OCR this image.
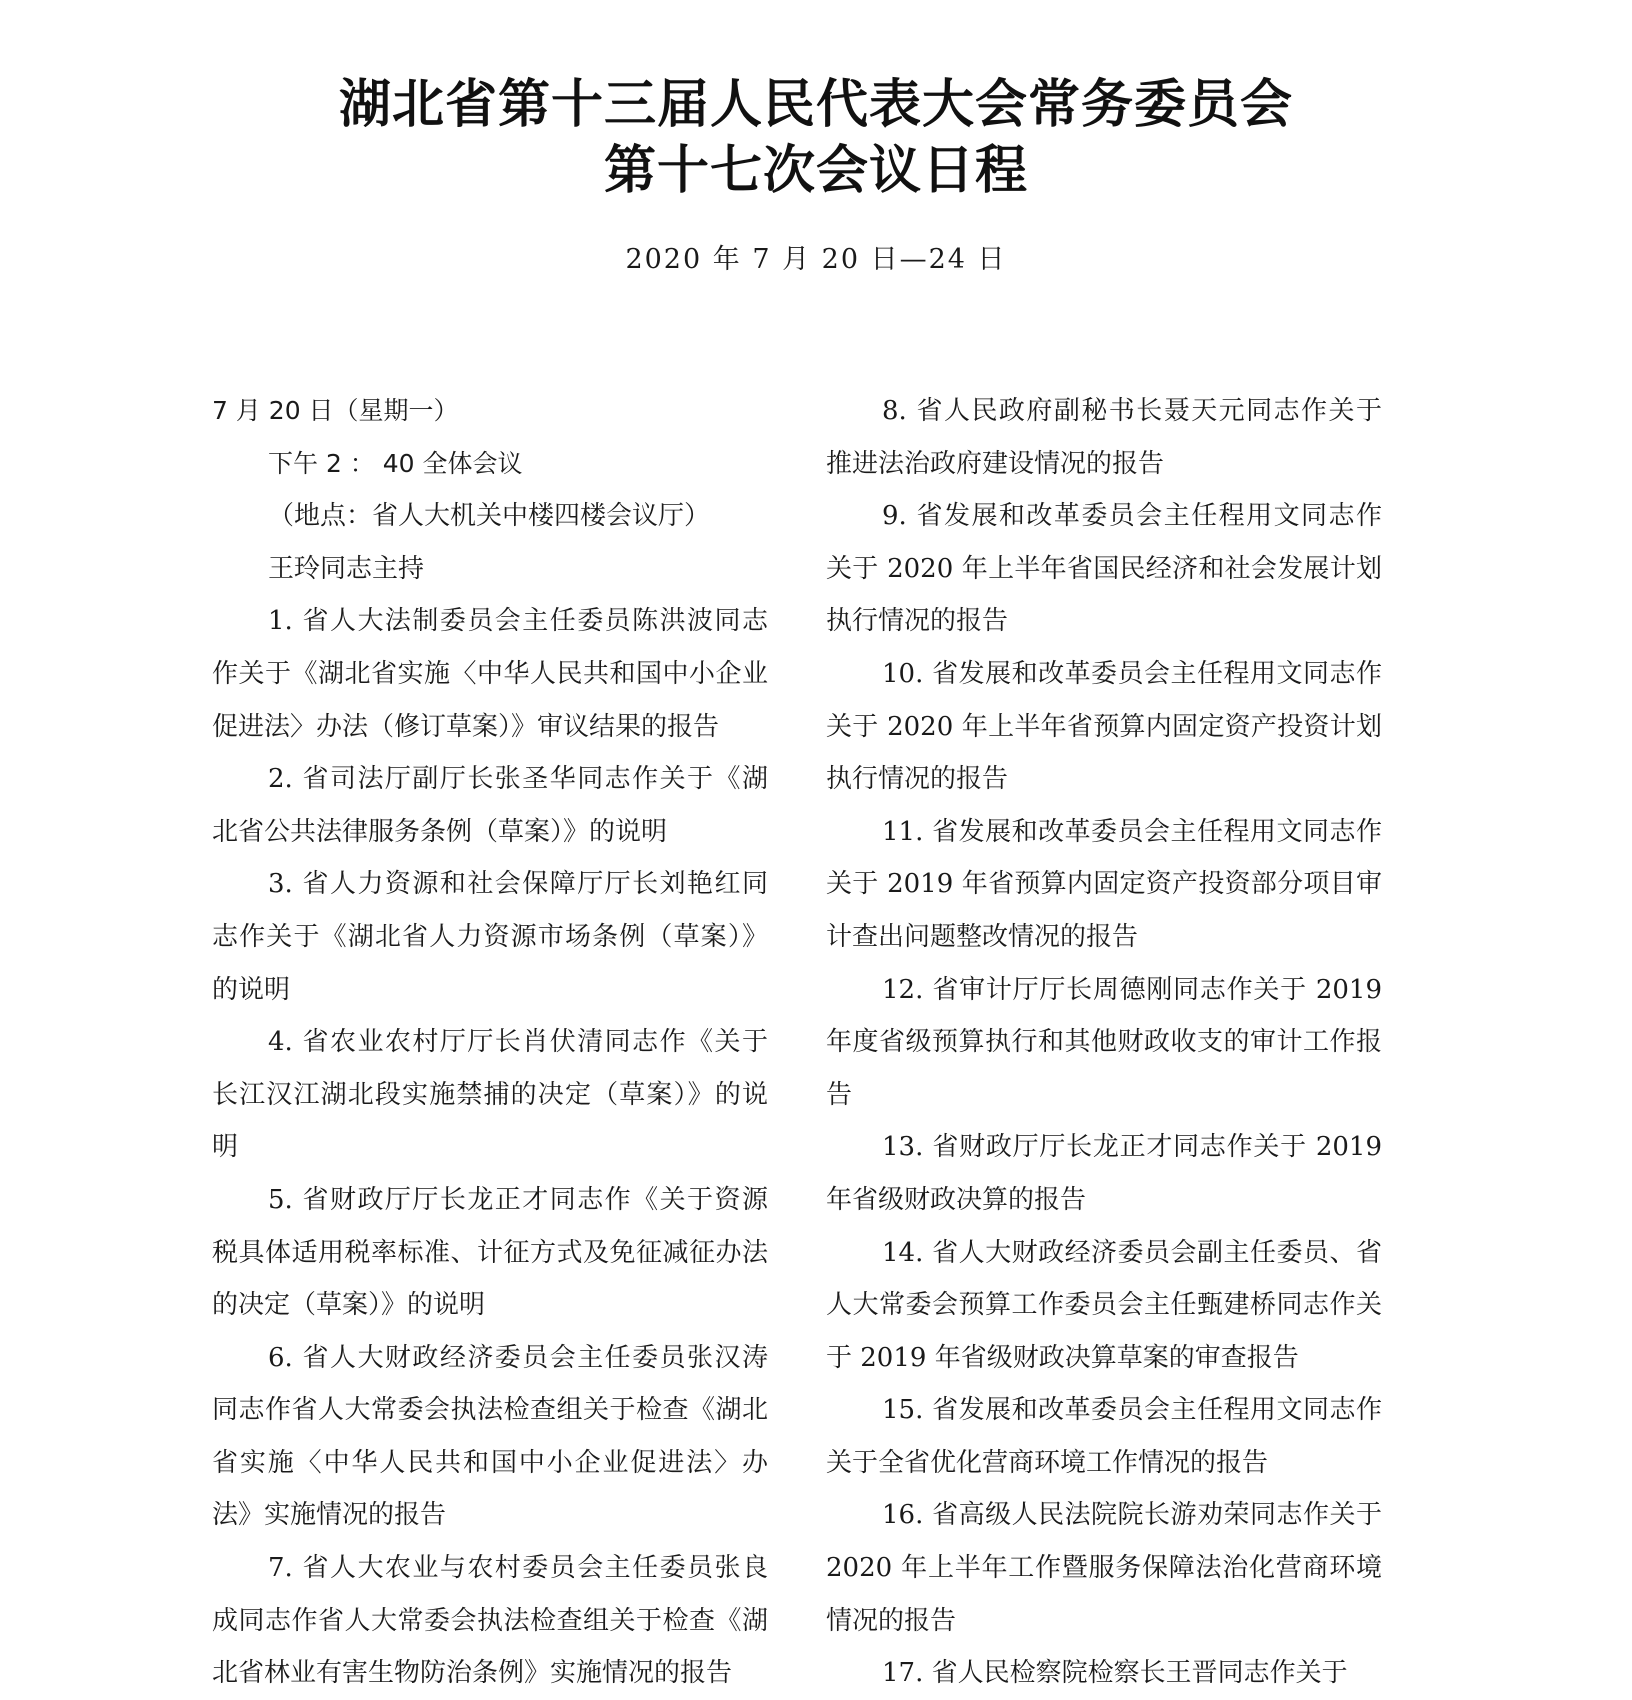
湖北省第十三届人民代表大会常务委员会
第十七次会议日程

2020 年 7 月 20 日—24 日

7 月 20 日（星期一）

下午 2 ： 40 全体会议

（地点：省人大机关中楼四楼会议厅）

王玲同志主持

1. 省人大法制委员会主任委员陈洪波同志作关于《湖北省实施〈中华人民共和国中小企业促进法〉办法（修订草案）》审议结果的报告

2. 省司法厅副厅长张圣华同志作关于《湖北省公共法律服务条例（草案）》的说明

3. 省人力资源和社会保障厅厅长刘艳红同志作关于《湖北省人力资源市场条例（草案）》的说明

4. 省农业农村厅厅长肖伏清同志作《关于长江汉江湖北段实施禁捕的决定（草案）》的说明

5. 省财政厅厅长龙正才同志作《关于资源税具体适用税率标准、计征方式及免征减征办法的决定（草案）》的说明

6. 省人大财政经济委员会主任委员张汉涛同志作省人大常委会执法检查组关于检查《湖北省实施〈中华人民共和国中小企业促进法〉办法》实施情况的报告

7. 省人大农业与农村委员会主任委员张良成同志作省人大常委会执法检查组关于检查《湖北省林业有害生物防治条例》实施情况的报告

8. 省人民政府副秘书长聂天元同志作关于推进法治政府建设情况的报告

9. 省发展和改革委员会主任程用文同志作关于 2020 年上半年省国民经济和社会发展计划执行情况的报告

10. 省发展和改革委员会主任程用文同志作关于 2020 年上半年省预算内固定资产投资计划执行情况的报告

11. 省发展和改革委员会主任程用文同志作关于 2019 年省预算内固定资产投资部分项目审计查出问题整改情况的报告

12. 省审计厅厅长周德刚同志作关于 2019 年度省级预算执行和其他财政收支的审计工作报告

13. 省财政厅厅长龙正才同志作关于 2019 年省级财政决算的报告

14. 省人大财政经济委员会副主任委员、省人大常委会预算工作委员会主任甄建桥同志作关于 2019 年省级财政决算草案的审查报告

15. 省发展和改革委员会主任程用文同志作关于全省优化营商环境工作情况的报告

16. 省高级人民法院院长游劝荣同志作关于 2020 年上半年工作暨服务保障法治化营商环境情况的报告

17. 省人民检察院检察长王晋同志作关于
